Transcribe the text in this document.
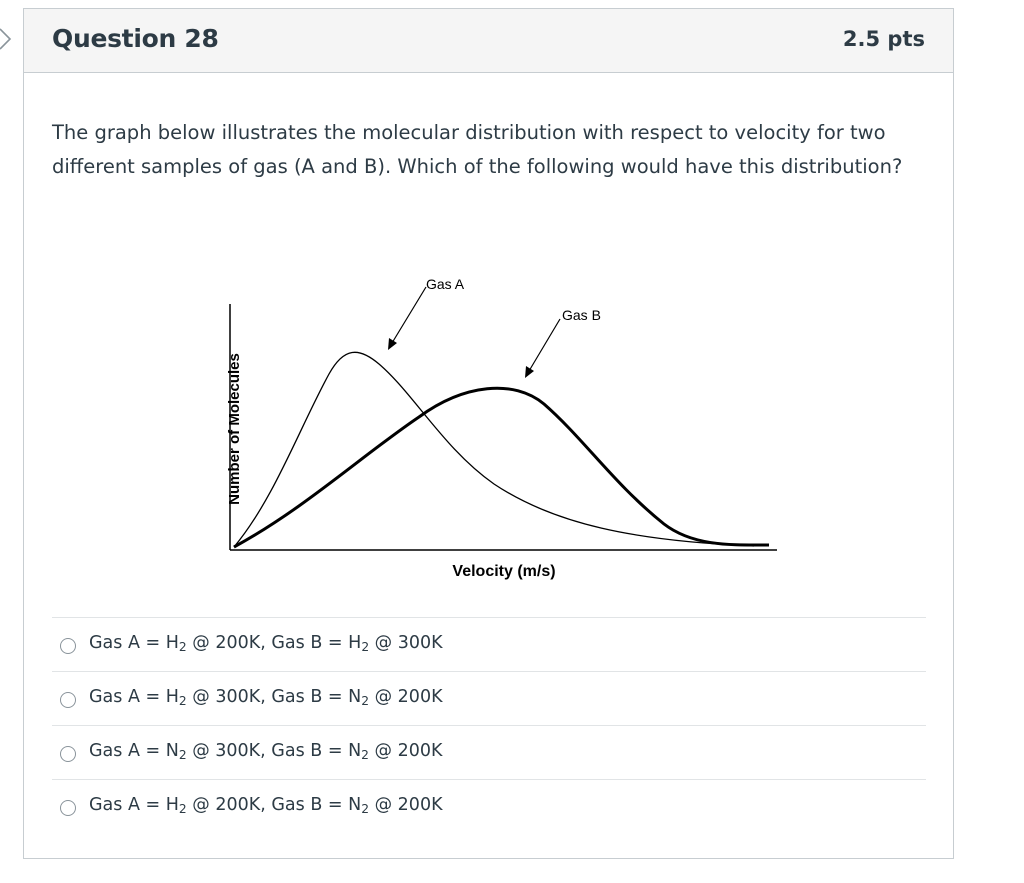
Question 28	2.5 pts
The graph below illustrates the molecular distribution with respect to velocity for two different samples of gas (A and B). Which of the following would have this distribution?
Gas A
Gas B
Velocity (m/s)
Number of Molecules
Gas $A = H_2$ @ 200K, Gas $B = H_2$ @ 300K
Gas $A = H_2$ @ 300K, Gas $B = N_2$ @ 200K
Gas $A = N_2$ @ 300K, Gas $B = N_2$ @ 200K
Gas $A = H_2$ @ 200K, Gas $B = N_2$ @ 200K
